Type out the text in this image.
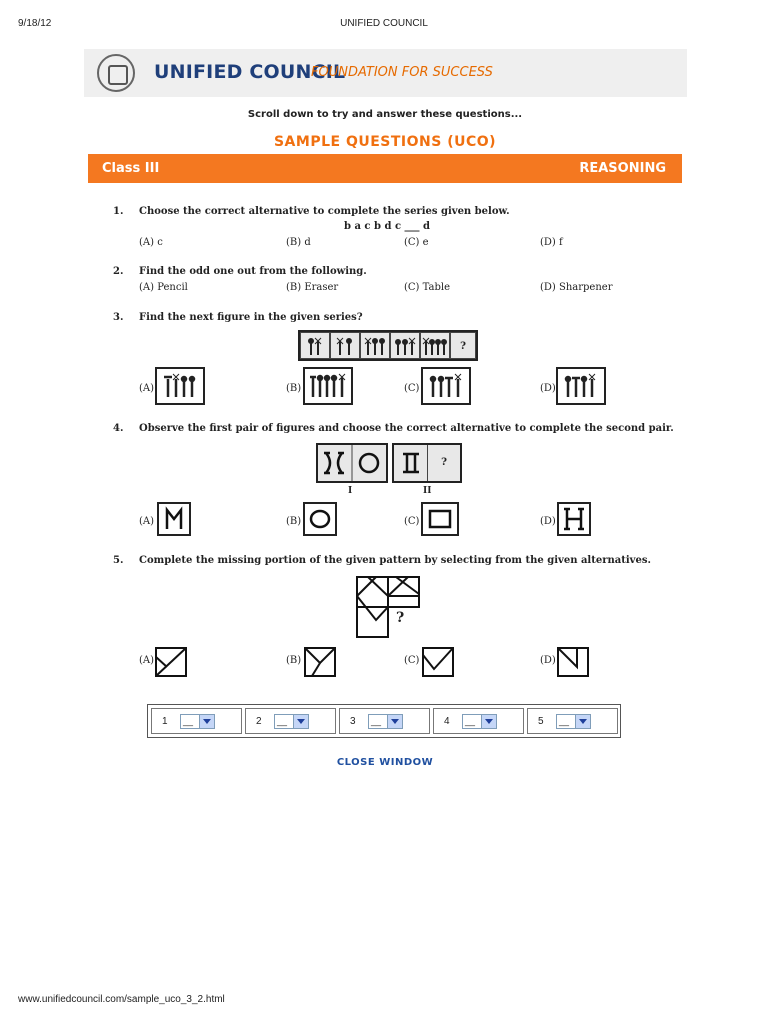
9/18/12	UNIFIED COUNCIL
UNIFIED COUNCIL
FOUNDATION FOR SUCCESS
Scroll down to try and answer these questions...
SAMPLE QUESTIONS (UCO)
Class III	REASONING
1. Choose the correct alternative to complete the series given below.
b a c b d c ___ d
(A) c	(B) d	(C) e	(D) f
2. Find the odd one out from the following.
(A) Pencil	(B) Eraser	(C) Table	(D) Sharpener
3. Find the next figure in the given series?
?
(A)	(B)	(C)	(D)
4. Observe the first pair of figures and choose the correct alternative to complete the second pair.
?
I	II
(A)	(B)	(C)	(D)
5. Complete the missing portion of the given pattern by selecting from the given alternatives.
?
(A)	(B)	(C)	(D)
1 __	2 __	3 __	4 __	5 __
CLOSE WINDOW
www.unifiedcouncil.com/sample_uco_3_2.html
